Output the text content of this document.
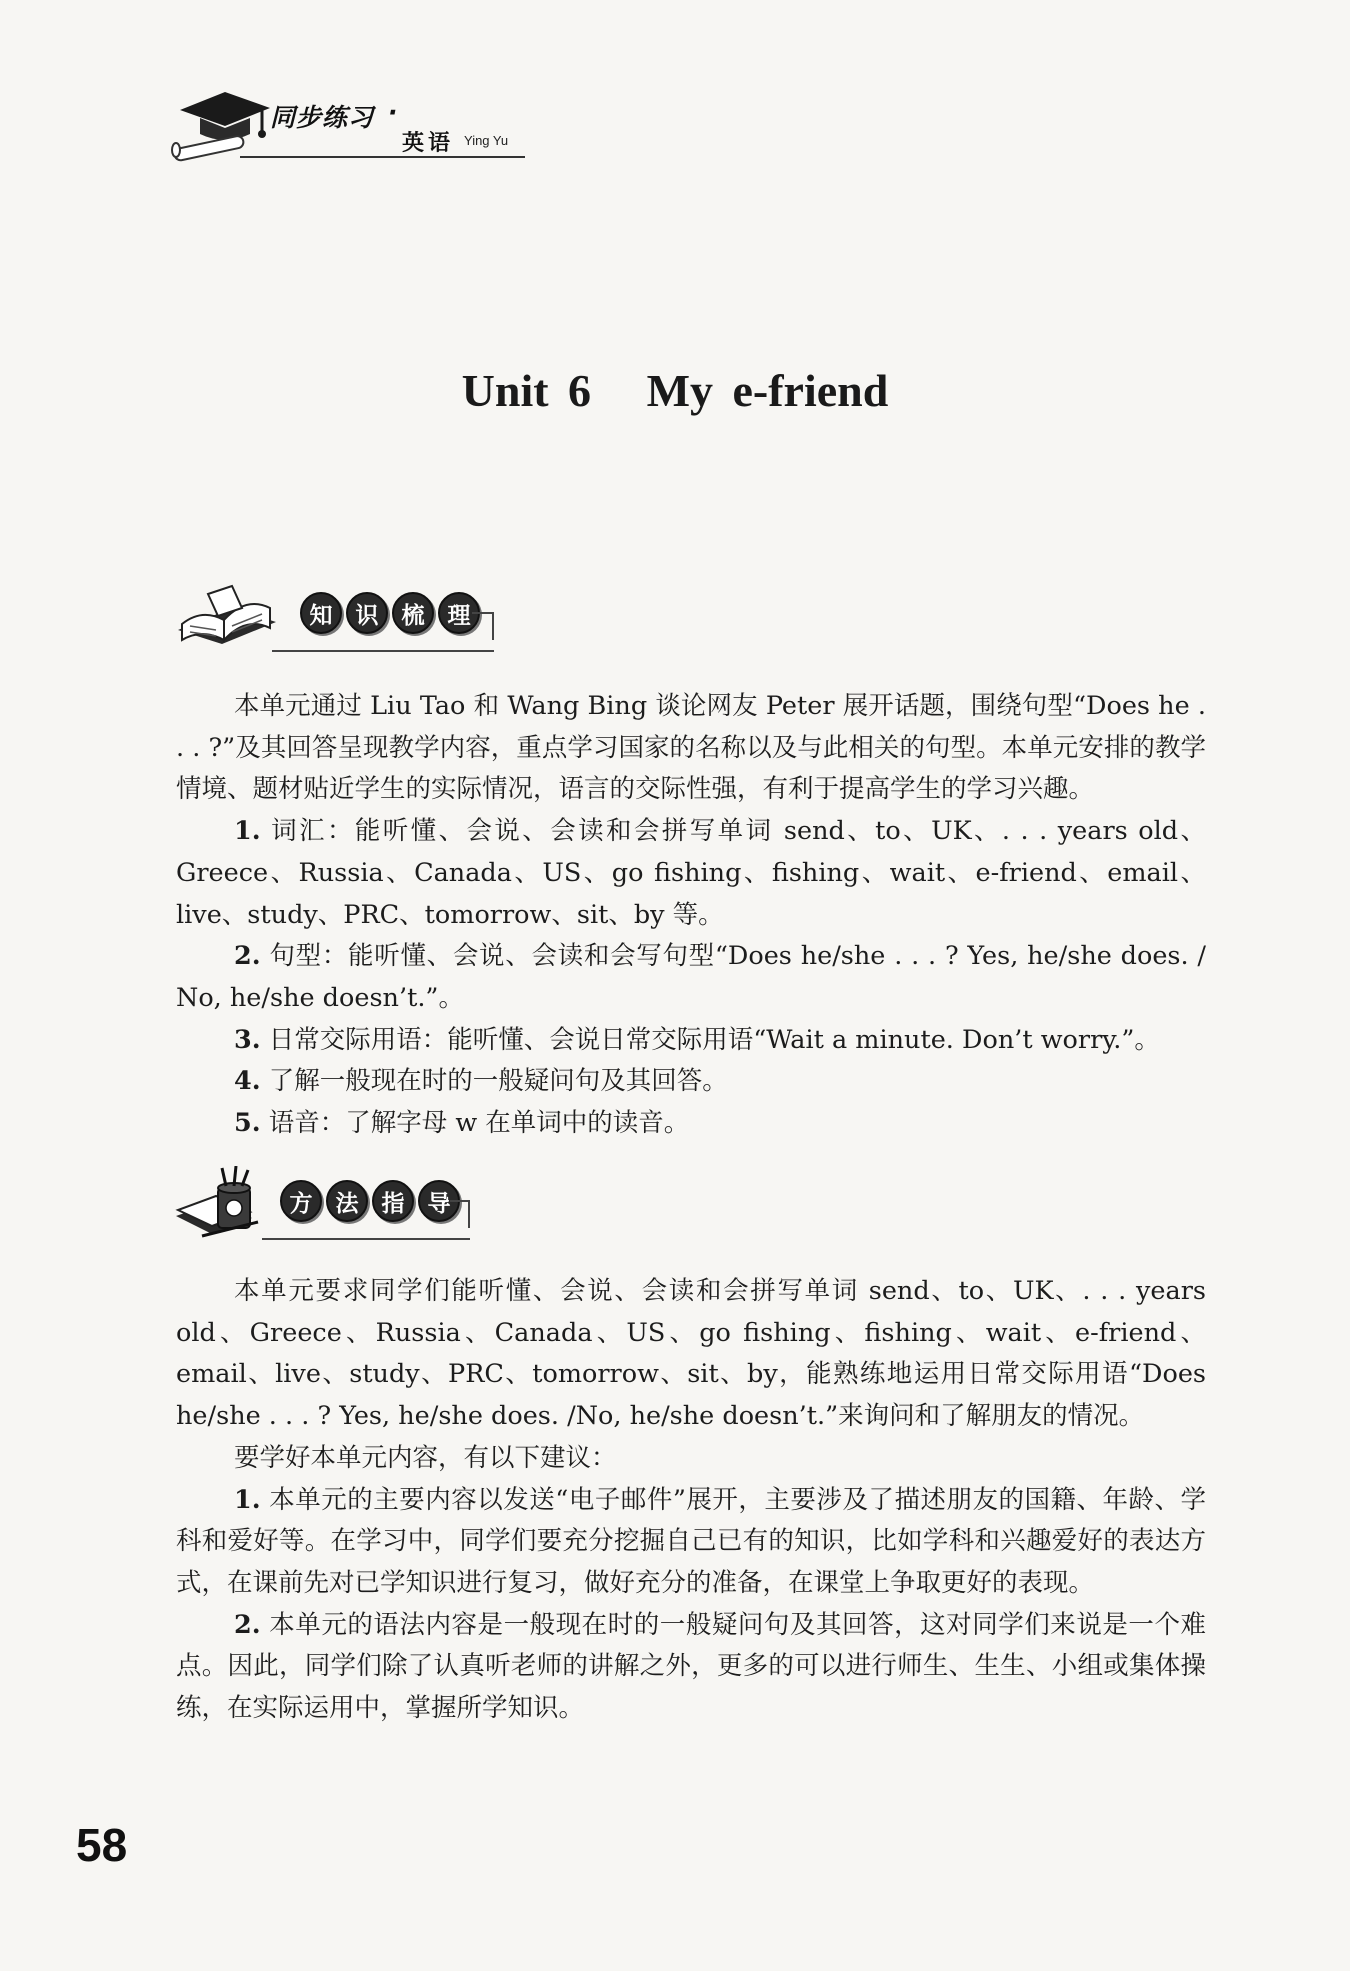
同步练习 ·
英语 Ying Yu
Unit 6 My e-friend
知	识	梳	理

本单元通过 Liu Tao 和 Wang Bing 谈论网友 Peter 展开话题，围绕句型“Does he . . . ?”及其回答呈现教学内容，重点学习国家的名称以及与此相关的句型。本单元安排的教学情境、题材贴近学生的实际情况，语言的交际性强，有利于提高学生的学习兴趣。

1. 词汇：能听懂、会说、会读和会拼写单词 send、to、UK、. . . years old、Greece、Russia、Canada、US、go fishing、fishing、wait、e-friend、email、live、study、PRC、tomorrow、sit、by 等。

2. 句型：能听懂、会说、会读和会写句型“Does he/she . . . ? Yes, he/she does. / No, he/she doesn’t.”。

3. 日常交际用语：能听懂、会说日常交际用语“Wait a minute. Don’t worry.”。

4. 了解一般现在时的一般疑问句及其回答。

5. 语音：了解字母 w 在单词中的读音。

方	法	指	导

本单元要求同学们能听懂、会说、会读和会拼写单词 send、to、UK、. . . years old、Greece、Russia、Canada、US、go fishing、fishing、wait、e-friend、email、live、study、PRC、tomorrow、sit、by，能熟练地运用日常交际用语“Does he/she . . . ? Yes, he/she does. /No, he/she doesn’t.”来询问和了解朋友的情况。

要学好本单元内容，有以下建议：

1. 本单元的主要内容以发送“电子邮件”展开，主要涉及了描述朋友的国籍、年龄、学科和爱好等。在学习中，同学们要充分挖掘自己已有的知识，比如学科和兴趣爱好的表达方式，在课前先对已学知识进行复习，做好充分的准备，在课堂上争取更好的表现。

2. 本单元的语法内容是一般现在时的一般疑问句及其回答，这对同学们来说是一个难点。因此，同学们除了认真听老师的讲解之外，更多的可以进行师生、生生、小组或集体操练，在实际运用中，掌握所学知识。

58
